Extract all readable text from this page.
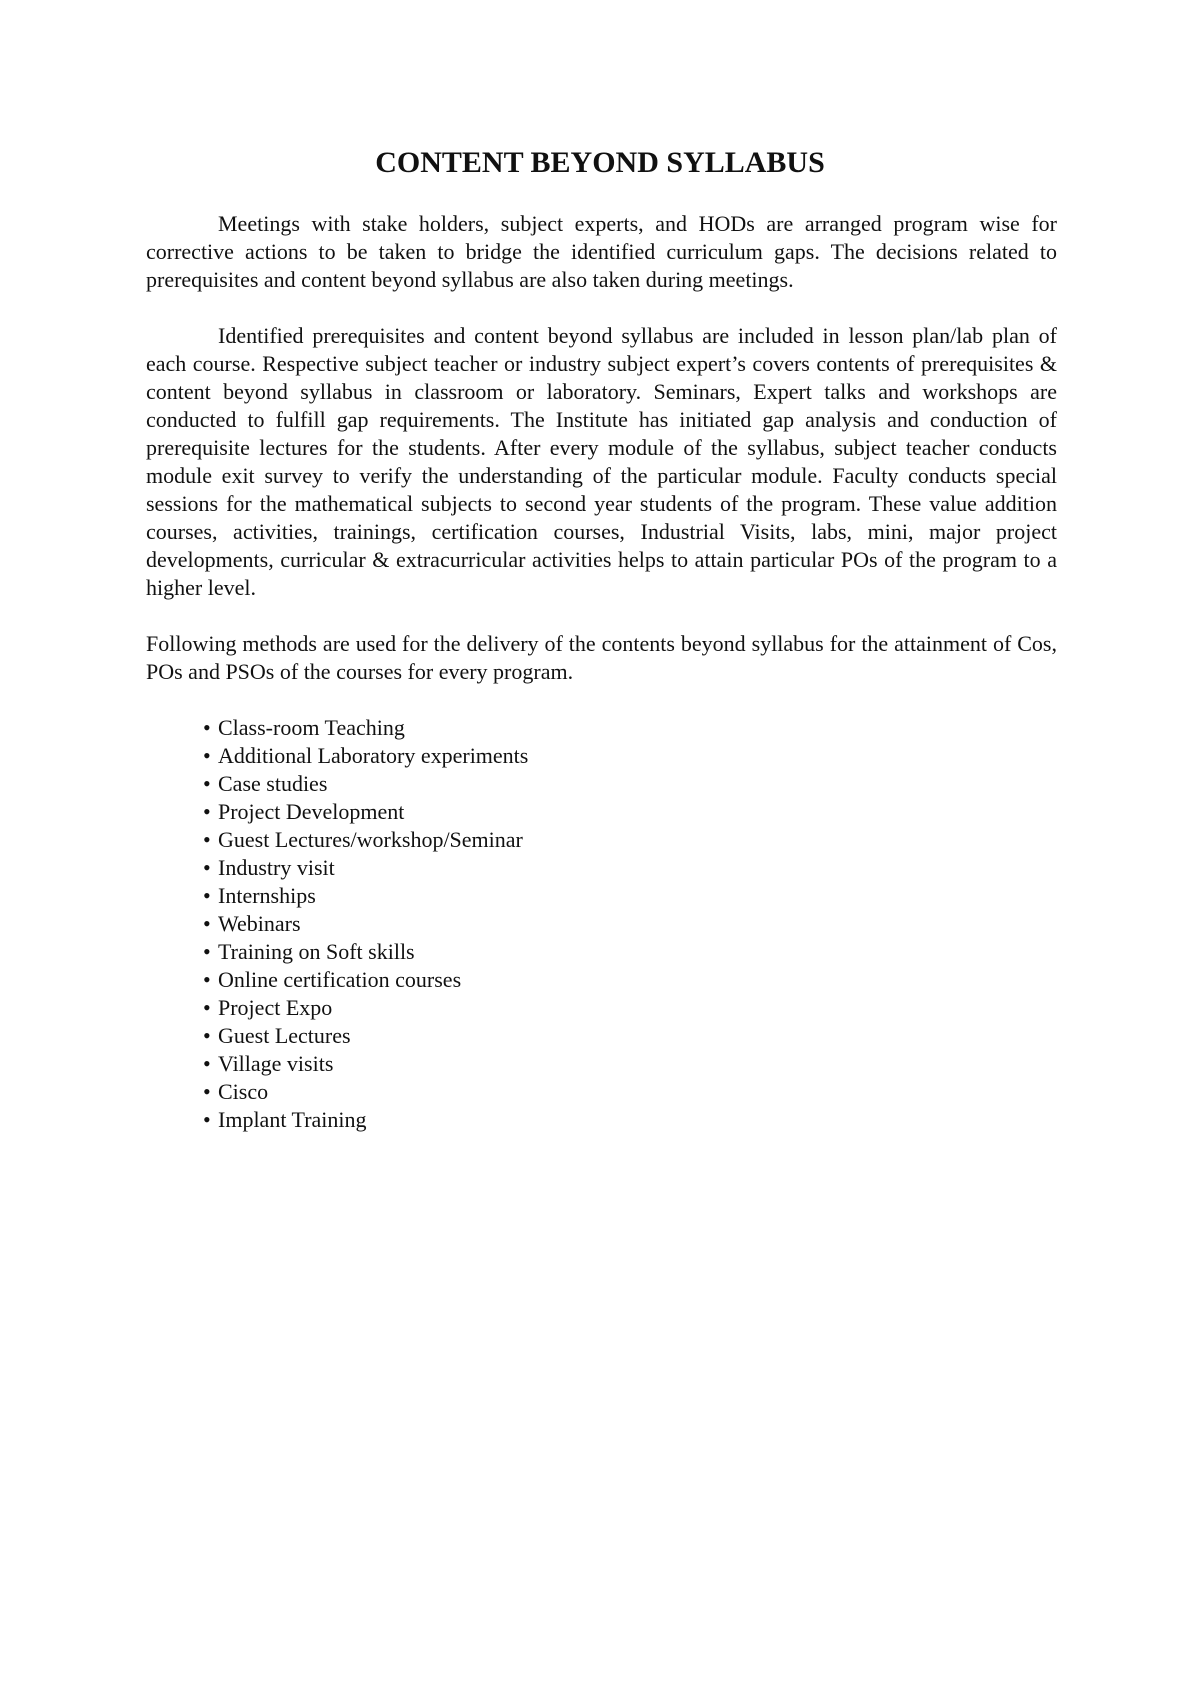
CONTENT BEYOND SYLLABUS

Meetings with stake holders, subject experts, and HODs are arranged program wise for corrective actions to be taken to bridge the identified curriculum gaps. The decisions related to prerequisites and content beyond syllabus are also taken during meetings.

Identified prerequisites and content beyond syllabus are included in lesson plan/lab plan of each course. Respective subject teacher or industry subject expert’s covers contents of prerequisites & content beyond syllabus in classroom or laboratory. Seminars, Expert talks and workshops are conducted to fulfill gap requirements. The Institute has initiated gap analysis and conduction of prerequisite lectures for the students. After every module of the syllabus, subject teacher conducts module exit survey to verify the understanding of the particular module. Faculty conducts special sessions for the mathematical subjects to second year students of the program. These value addition courses, activities, trainings, certification courses, Industrial Visits, labs, mini, major project developments, curricular & extracurricular activities helps to attain particular POs of the program to a higher level.

Following methods are used for the delivery of the contents beyond syllabus for the attainment of Cos, POs and PSOs of the courses for every program.

• Class-room Teaching
• Additional Laboratory experiments
• Case studies
• Project Development
• Guest Lectures/workshop/Seminar
• Industry visit
• Internships
• Webinars
• Training on Soft skills
• Online certification courses
• Project Expo
• Guest Lectures
• Village visits
• Cisco
• Implant Training
